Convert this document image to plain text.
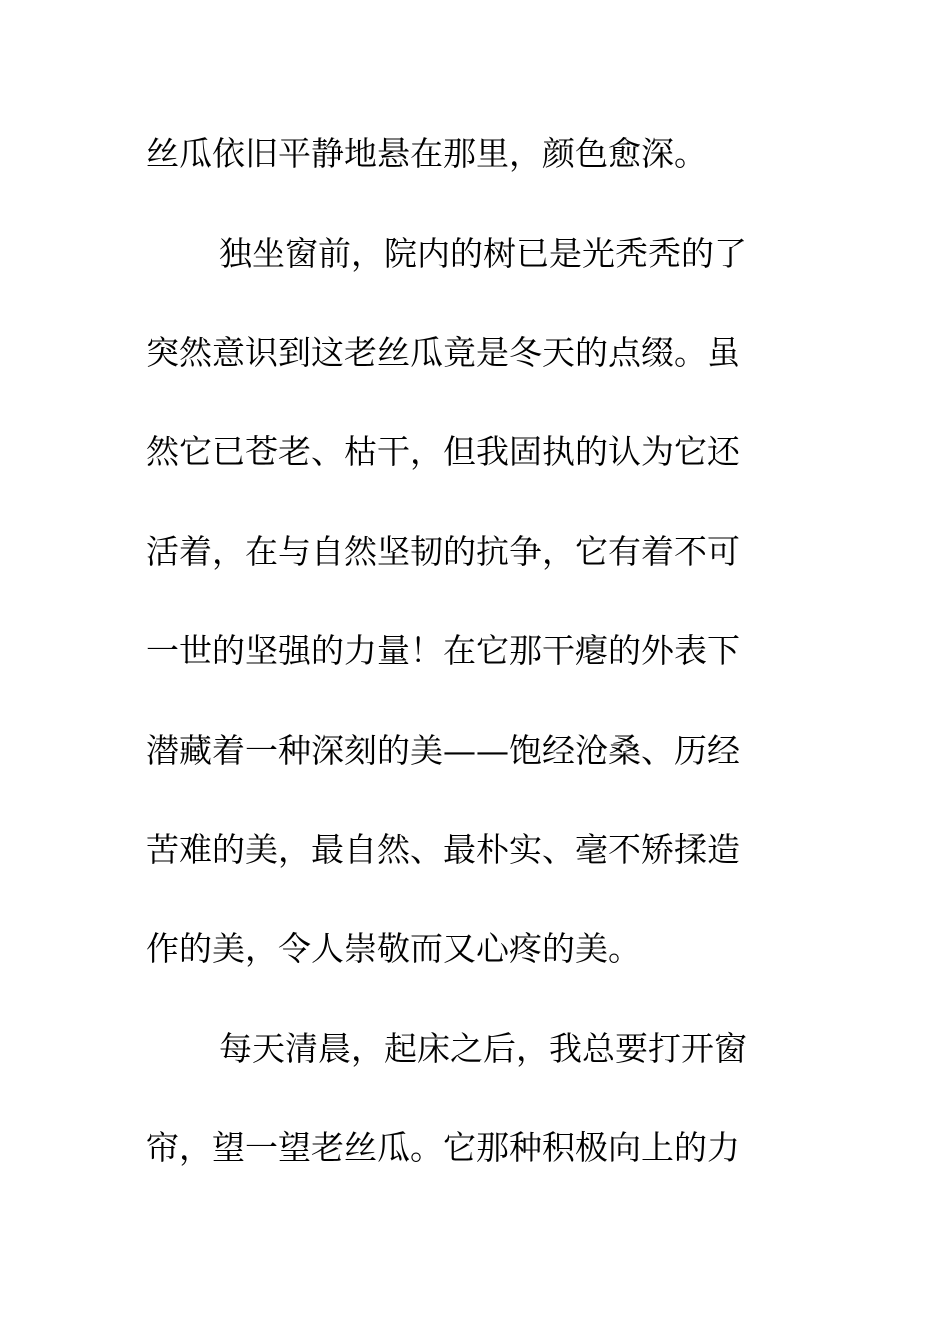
丝瓜依旧平静地悬在那里，颜色愈深。
独坐窗前，院内的树已是光秃秃的了
突然意识到这老丝瓜竟是冬天的点缀。虽
然它已苍老、枯干，但我固执的认为它还
活着，在与自然坚韧的抗争，它有着不可
一世的坚强的力量！在它那干瘪的外表下
潜藏着一种深刻的美——饱经沧桑、历经
苦难的美，最自然、最朴实、毫不矫揉造
作的美，令人崇敬而又心疼的美。
每天清晨，起床之后，我总要打开窗
帘，望一望老丝瓜。它那种积极向上的力
